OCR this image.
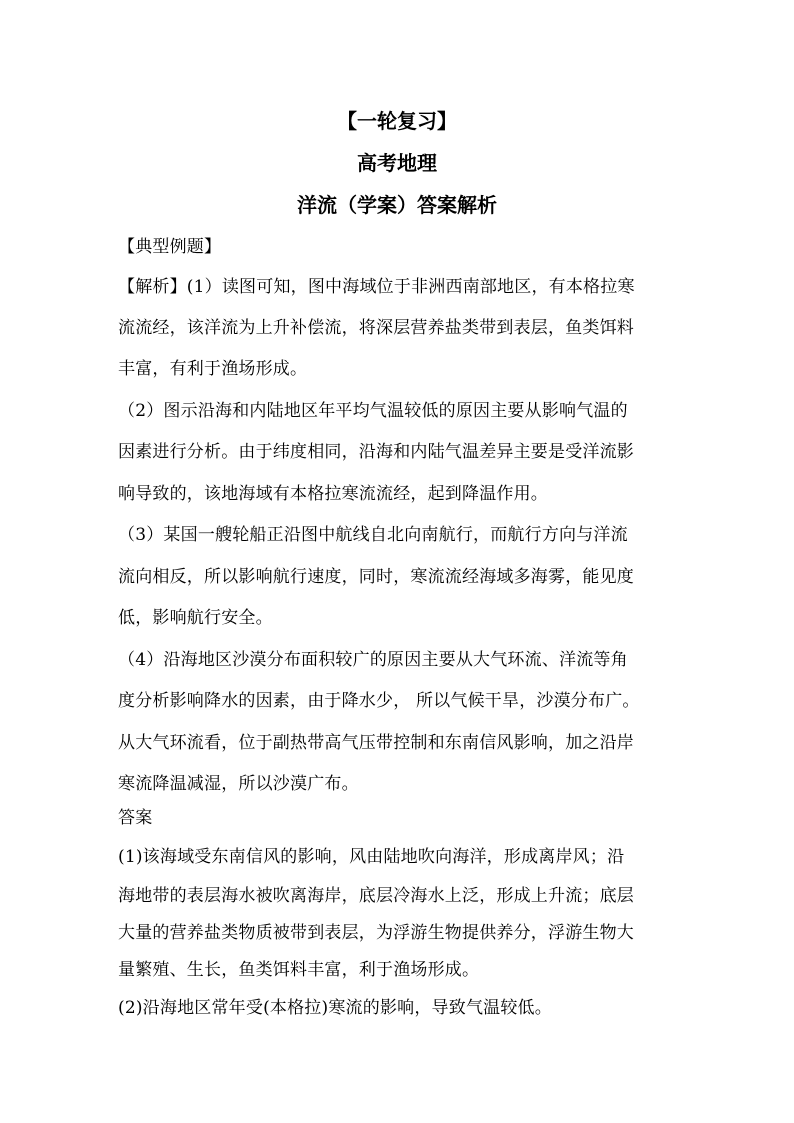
【一轮复习】
高考地理
洋流（学案）答案解析
【典型例题】
【解析】(1）读图可知，图中海域位于非洲西南部地区，有本格拉寒
流流经，该洋流为上升补偿流，将深层营养盐类带到表层，鱼类饵料
丰富，有利于渔场形成。
（2）图示沿海和内陆地区年平均气温较低的原因主要从影响气温的
因素进行分析。由于纬度相同，沿海和内陆气温差异主要是受洋流影
响导致的，该地海域有本格拉寒流流经，起到降温作用。
（3）某国一艘轮船正沿图中航线自北向南航行，而航行方向与洋流
流向相反，所以影响航行速度，同时，寒流流经海域多海雾，能见度
低，影响航行安全。
（4）沿海地区沙漠分布面积较广的原因主要从大气环流、洋流等角
度分析影响降水的因素，由于降水少， 所以气候干旱，沙漠分布广。
从大气环流看，位于副热带高气压带控制和东南信风影响，加之沿岸
寒流降温减湿，所以沙漠广布。
答案
(1)该海域受东南信风的影响，风由陆地吹向海洋，形成离岸风；沿
海地带的表层海水被吹离海岸，底层冷海水上泛，形成上升流；底层
大量的营养盐类物质被带到表层，为浮游生物提供养分，浮游生物大
量繁殖、生长，鱼类饵料丰富，利于渔场形成。
(2)沿海地区常年受(本格拉)寒流的影响，导致气温较低。
